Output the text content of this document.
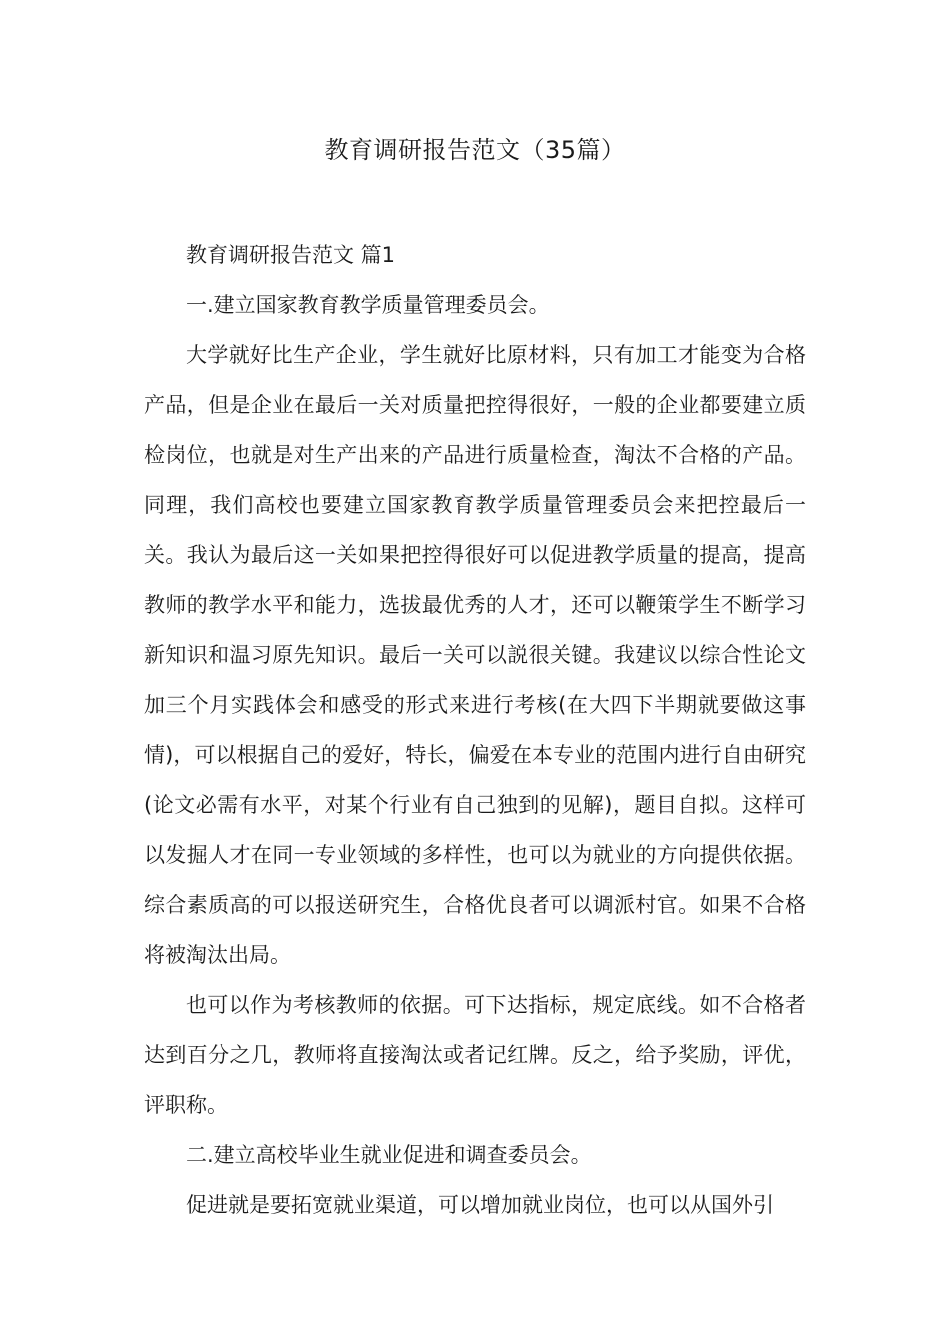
教育调研报告范文（35篇）

教育调研报告范文 篇1

一.建立国家教育教学质量管理委员会。

大学就好比生产企业，学生就好比原材料，只有加工才能变为合格产品，但是企业在最后一关对质量把控得很好，一般的企业都要建立质检岗位，也就是对生产出来的产品进行质量检查，淘汰不合格的产品。同理，我们高校也要建立国家教育教学质量管理委员会来把控最后一关。我认为最后这一关如果把控得很好可以促进教学质量的提高，提高教师的教学水平和能力，选拔最优秀的人才，还可以鞭策学生不断学习新知识和温习原先知识。最后一关可以説很关键。我建议以综合性论文加三个月实践体会和感受的形式来进行考核(在大四下半期就要做这事情)，可以根据自己的爱好，特长，偏爱在本专业的范围内进行自由研究(论文必需有水平，对某个行业有自己独到的见解)，题目自拟。这样可以发掘人才在同一专业领域的多样性，也可以为就业的方向提供依据。综合素质高的可以报送研究生，合格优良者可以调派村官。如果不合格将被淘汰出局。

也可以作为考核教师的依据。可下达指标，规定底线。如不合格者达到百分之几，教师将直接淘汰或者记红牌。反之，给予奖励，评优，评职称。

二.建立高校毕业生就业促进和调查委员会。

促进就是要拓宽就业渠道，可以增加就业岗位，也可以从国外引
